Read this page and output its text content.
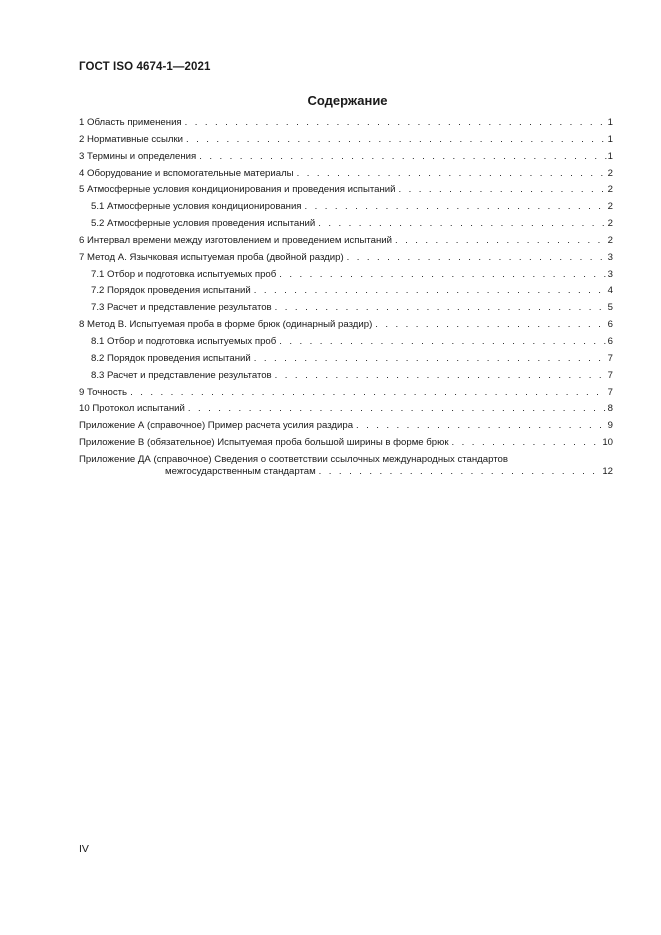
ГОСТ ISO 4674-1—2021
Содержание
1 Область применения . . .	1
2 Нормативные ссылки . . .	1
3 Термины и определения . . .	1
4 Оборудование и вспомогательные материалы . . .	2
5 Атмосферные условия кондиционирования и проведения испытаний . . .	2
5.1 Атмосферные условия кондиционирования . . .	2
5.2 Атмосферные условия проведения испытаний . . .	2
6 Интервал времени между изготовлением и проведением испытаний . . .	2
7 Метод А. Язычковая испытуемая проба (двойной раздир) . . .	3
7.1 Отбор и подготовка испытуемых проб . . .	3
7.2 Порядок проведения испытаний . . .	4
7.3 Расчет и представление результатов . . .	5
8 Метод В. Испытуемая проба в форме брюк (одинарный раздир) . . .	6
8.1 Отбор и подготовка испытуемых проб . . .	6
8.2 Порядок проведения испытаний . . .	7
8.3 Расчет и представление результатов . . .	7
9 Точность . . .	7
10 Протокол испытаний . . .	8
Приложение А (справочное) Пример расчета усилия раздира . . .	9
Приложение В (обязательное) Испытуемая проба большой ширины в форме брюк . . .	10
Приложение ДА (справочное) Сведения о соответствии ссылочных международных стандартов
межгосударственным стандартам . . .	12
IV
